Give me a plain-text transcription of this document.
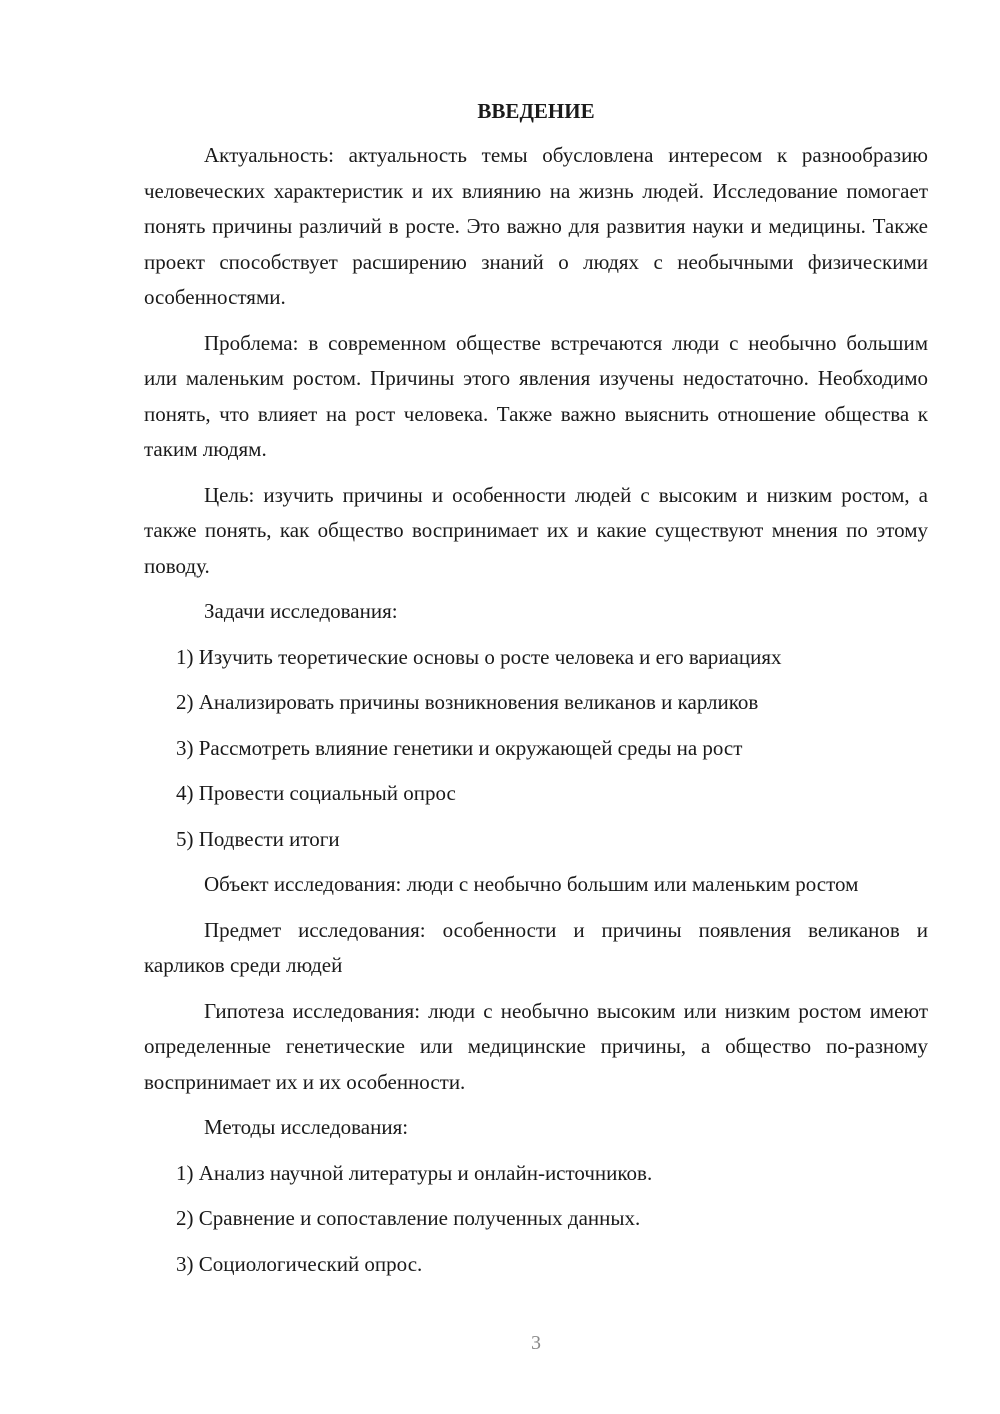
ВВЕДЕНИЕ

Актуальность: актуальность темы обусловлена интересом к разнообразию человеческих характеристик и их влиянию на жизнь людей. Исследование помогает понять причины различий в росте. Это важно для развития науки и медицины. Также проект способствует расширению знаний о людях с необычными физическими особенностями.

Проблема: в современном обществе встречаются люди с необычно большим или маленьким ростом. Причины этого явления изучены недостаточно. Необходимо понять, что влияет на рост человека. Также важно выяснить отношение общества к таким людям.

Цель: изучить причины и особенности людей с высоким и низким ростом, а также понять, как общество воспринимает их и какие существуют мнения по этому поводу.

Задачи исследования:

1) Изучить теоретические основы о росте человека и его вариациях
2) Анализировать причины возникновения великанов и карликов
3) Рассмотреть влияние генетики и окружающей среды на рост
4) Провести социальный опрос
5) Подвести итоги

Объект исследования: люди с необычно большим или маленьким ростом

Предмет исследования: особенности и причины появления великанов и карликов среди людей

Гипотеза исследования: люди с необычно высоким или низким ростом имеют определенные генетические или медицинские причины, а общество по-разному воспринимает их и их особенности.

Методы исследования:

1) Анализ научной литературы и онлайн-источников.
2) Сравнение и сопоставление полученных данных.
3) Социологический опрос.
3
